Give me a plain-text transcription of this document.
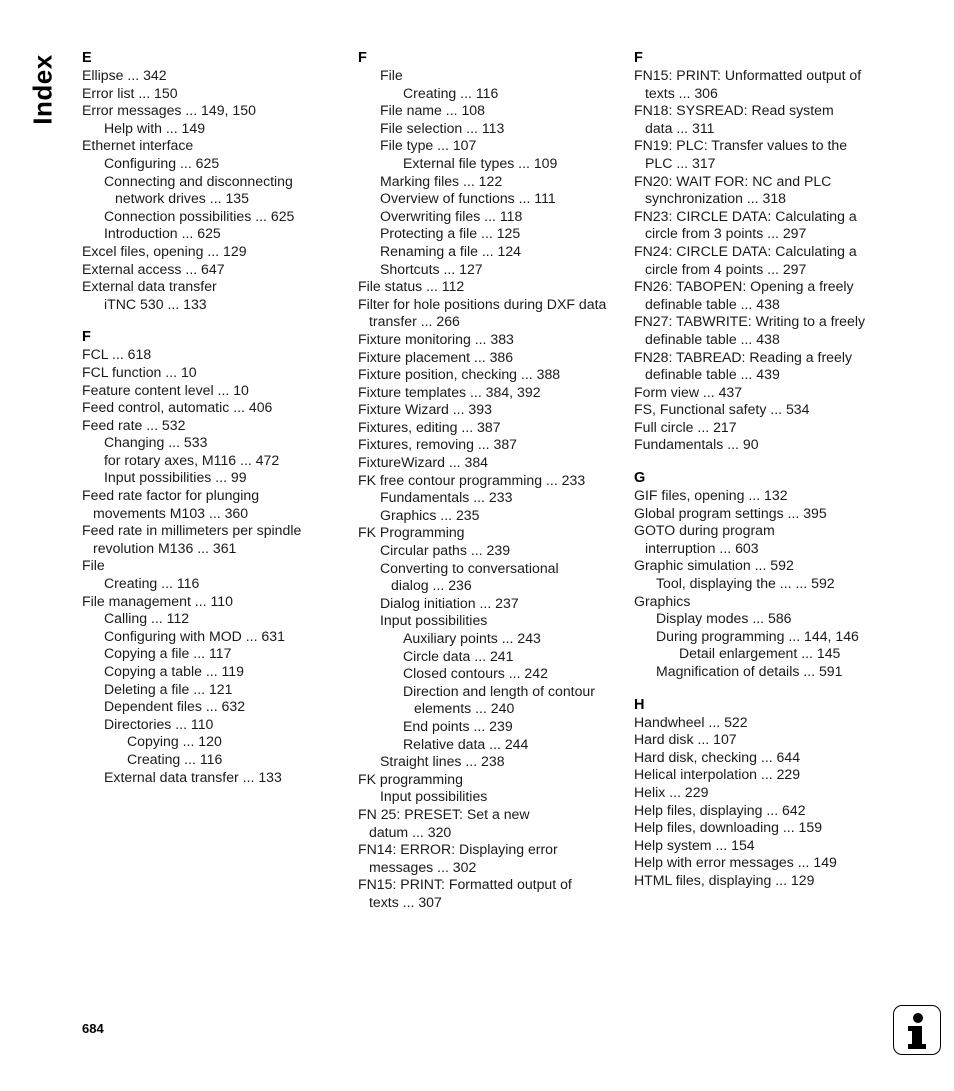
Index E
Ellipse ... 342
Error list ... 150
Error messages ... 149, 150
Help with ... 149
Ethernet interface
Configuring ... 625
Connecting and disconnecting
network drives ... 135
Connection possibilities ... 625
Introduction ... 625
Excel files, opening ... 129
External access ... 647
External data transfer
iTNC 530 ... 133
F
FCL ... 618
FCL function ... 10
Feature content level ... 10
Feed control, automatic ... 406
Feed rate ... 532
Changing ... 533
for rotary axes, M116 ... 472
Input possibilities ... 99
Feed rate factor for plunging
movements M103 ... 360
Feed rate in millimeters per spindle
revolution M136 ... 361
File
Creating ... 116
File management ... 110
Calling ... 112
Configuring with MOD ... 631
Copying a file ... 117
Copying a table ... 119
Deleting a file ... 121
Dependent files ... 632
Directories ... 110
Copying ... 120
Creating ... 116
External data transfer ... 133
F
File
Creating ... 116
File name ... 108
File selection ... 113
File type ... 107
External file types ... 109
Marking files ... 122
Overview of functions ... 111
Overwriting files ... 118
Protecting a file ... 125
Renaming a file ... 124
Shortcuts ... 127
File status ... 112
Filter for hole positions during DXF data
transfer ... 266
Fixture monitoring ... 383
Fixture placement ... 386
Fixture position, checking ... 388
Fixture templates ... 384, 392
Fixture Wizard ... 393
Fixtures, editing ... 387
Fixtures, removing ... 387
FixtureWizard ... 384
FK free contour programming ... 233
Fundamentals ... 233
Graphics ... 235
FK Programming
Circular paths ... 239
Converting to conversational
dialog ... 236
Dialog initiation ... 237
Input possibilities
Auxiliary points ... 243
Circle data ... 241
Closed contours ... 242
Direction and length of contour
elements ... 240
End points ... 239
Relative data ... 244
Straight lines ... 238
FK programming
Input possibilities
FN 25: PRESET: Set a new
datum ... 320
FN14: ERROR: Displaying error
messages ... 302
FN15: PRINT: Formatted output of
texts ... 307
F
FN15: PRINT: Unformatted output of
texts ... 306
FN18: SYSREAD: Read system
data ... 311
FN19: PLC: Transfer values to the
PLC ... 317
FN20: WAIT FOR: NC and PLC
synchronization ... 318
FN23: CIRCLE DATA: Calculating a
circle from 3 points ... 297
FN24: CIRCLE DATA: Calculating a
circle from 4 points ... 297
FN26: TABOPEN: Opening a freely
definable table ... 438
FN27: TABWRITE: Writing to a freely
definable table ... 438
FN28: TABREAD: Reading a freely
definable table ... 439
Form view ... 437
FS, Functional safety ... 534
Full circle ... 217
Fundamentals ... 90
G
GIF files, opening ... 132
Global program settings ... 395
GOTO during program
interruption ... 603
Graphic simulation ... 592
Tool, displaying the ... ... 592
Graphics
Display modes ... 586
During programming ... 144, 146
Detail enlargement ... 145
Magnification of details ... 591
H
Handwheel ... 522
Hard disk ... 107
Hard disk, checking ... 644
Helical interpolation ... 229
Helix ... 229
Help files, displaying ... 642
Help files, downloading ... 159
Help system ... 154
Help with error messages ... 149
HTML files, displaying ... 129
684
